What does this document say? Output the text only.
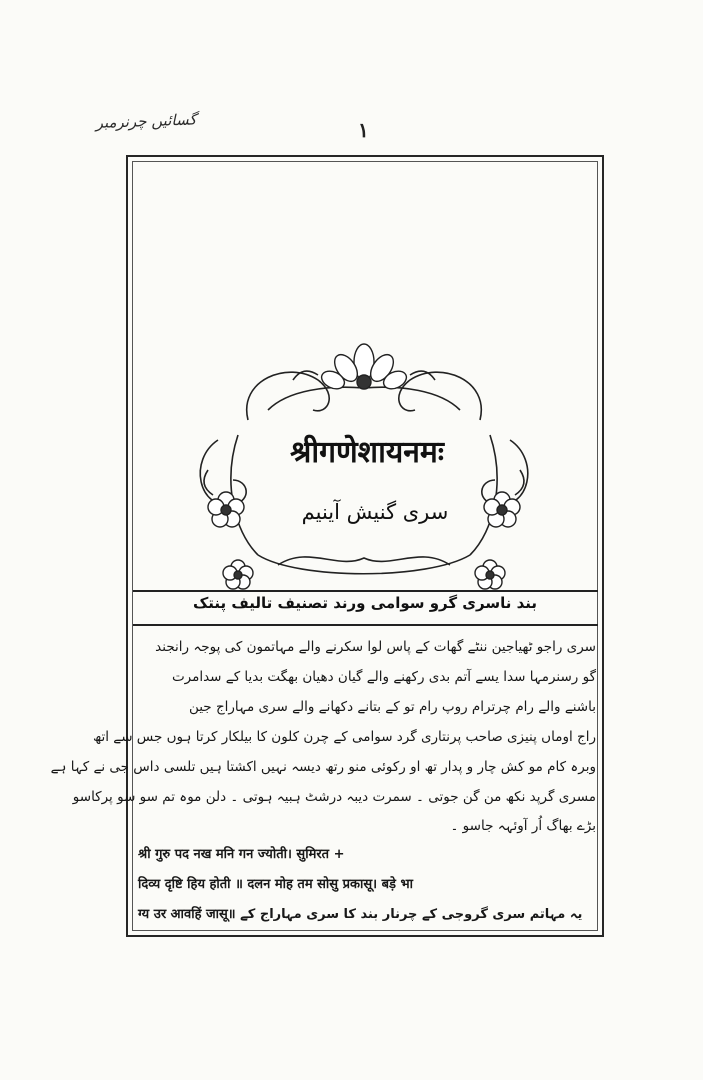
گسائیں چرنرمبر	۱
श्रीगणेशायनमः
سری گنیش آینیم
بند ناسری گرو سوامی ورند تصنیف تالیف پنتک
سری راجو ٹھیاجین ننٹے گھات کے پاس لوا سکرنے والے مہاتمون کی پوجہ رانجند
گو رسنرمہا سدا یسے آتم بدی رکھنے والے گیان دھیان بھگت بدیا کے سدامرت
باشنے والے رام چرترام روپ رام تو کے بتانے دکھانے والے سری مہاراج جین
راج اوماں پنیزی صاحب پرنتاری گرد سوامی کے چرن کلون کا بیلکار کرتا ہوں جس سے اتھ
وبرہ کام مو کش چار و پدار تھ او رکوئی منو رتھ دیسہ نہیں اکشتا ہیں تلسی داس جی نے کہا ہے
مسری گرپد نکھ من گن جوتی ۔ سمرت دیبہ درشٹ ہبیہ ہوتی ۔ دلن موہ تم سو سو پرکاسو
بڑے بھاگ اُر آوئہہ جاسو ۔
श्री गुरु पद नख मनि गन ज्योती। सुमिरत +
दिव्य दृष्टि हिय होती ॥ दलन मोह तम सोसु प्रकासू। बड़े भा
ग्य उर आवहिं जासू॥ یہ مہاتم سری گروجی کے چرنار بند کا سری مہاراج کے
